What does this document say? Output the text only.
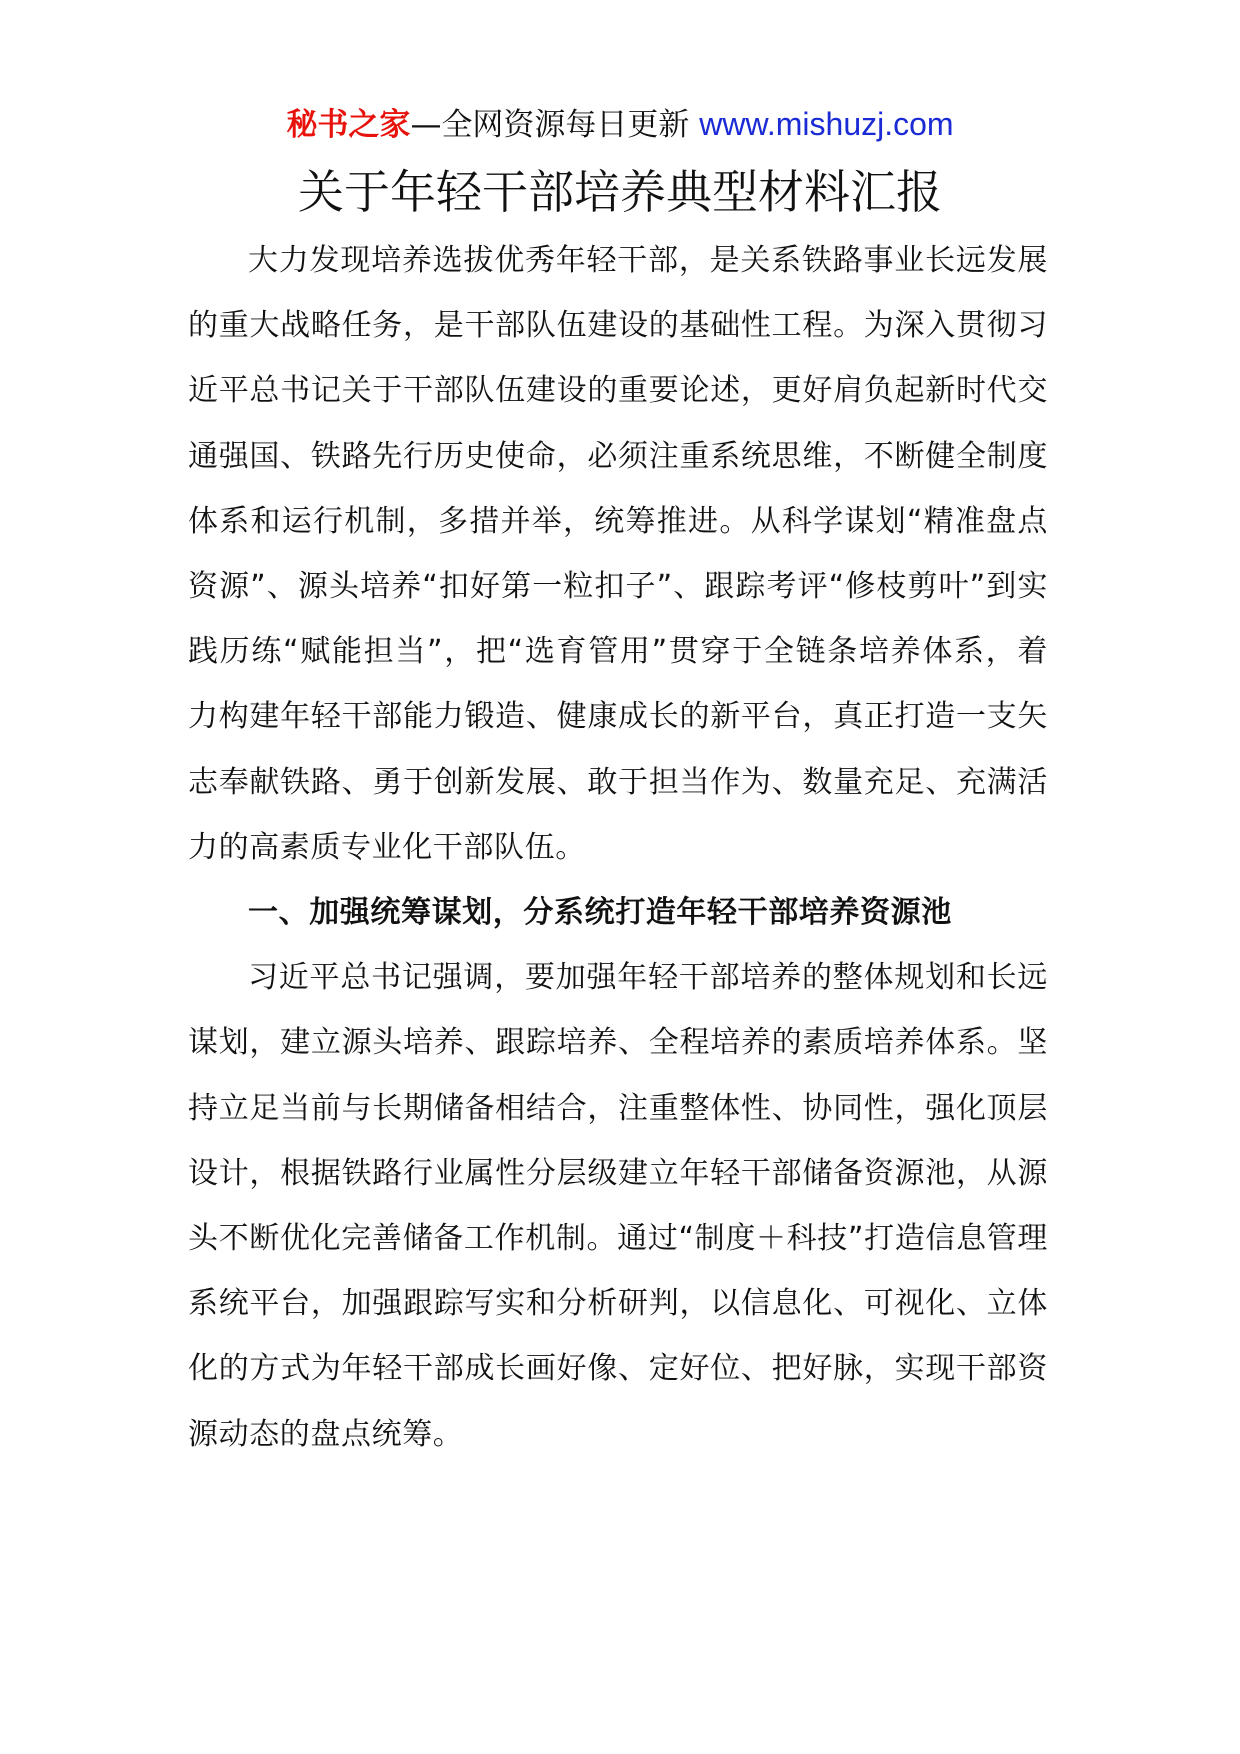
秘书之家—全网资源每日更新 www.mishuzj.com
关于年轻干部培养典型材料汇报

大力发现培养选拔优秀年轻干部，是关系铁路事业长远发展的重大战略任务，是干部队伍建设的基础性工程。为深入贯彻习近平总书记关于干部队伍建设的重要论述，更好肩负起新时代交通强国、铁路先行历史使命，必须注重系统思维，不断健全制度体系和运行机制，多措并举，统筹推进。从科学谋划“精准盘点资源”、源头培养“扣好第一粒扣子”、跟踪考评“修枝剪叶”到实践历练“赋能担当”，把“选育管用”贯穿于全链条培养体系，着力构建年轻干部能力锻造、健康成长的新平台，真正打造一支矢志奉献铁路、勇于创新发展、敢于担当作为、数量充足、充满活力的高素质专业化干部队伍。

一、加强统筹谋划，分系统打造年轻干部培养资源池

习近平总书记强调，要加强年轻干部培养的整体规划和长远谋划，建立源头培养、跟踪培养、全程培养的素质培养体系。坚持立足当前与长期储备相结合，注重整体性、协同性，强化顶层设计，根据铁路行业属性分层级建立年轻干部储备资源池，从源头不断优化完善储备工作机制。通过“制度＋科技”打造信息管理系统平台，加强跟踪写实和分析研判，以信息化、可视化、立体化的方式为年轻干部成长画好像、定好位、把好脉，实现干部资源动态的盘点统筹。
